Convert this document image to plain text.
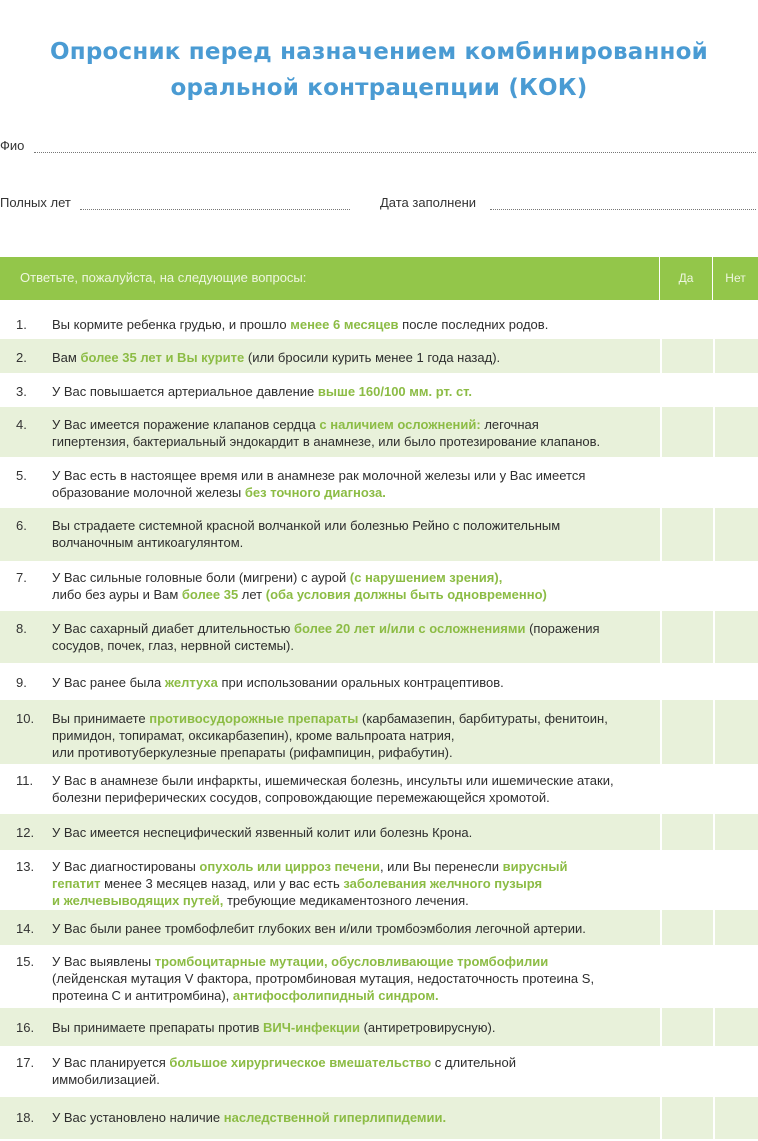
Опросник перед назначением комбинированной
оральной контрацепции (КОК)
Фио
Полных лет	Дата заполнени
Ответьте, пожалуйста, на следующие вопросы:	Да	Нет
1. Вы кормите ребенка грудью, и прошло менее 6 месяцев после последних родов.
2. Вам более 35 лет и Вы курите (или бросили курить менее 1 года назад).
3. У Вас повышается артериальное давление выше 160/100 мм. рт. ст.
4. У Вас имеется поражение клапанов сердца с наличием осложнений: легочная
гипертензия, бактериальный эндокардит в анамнезе, или было протезирование клапанов.
5. У Вас есть в настоящее время или в анамнезе рак молочной железы или у Вас имеется
образование молочной железы без точного диагноза.
6. Вы страдаете системной красной волчанкой или болезнью Рейно с положительным
волчаночным антикоагулянтом.
7. У Вас сильные головные боли (мигрени) с аурой (с нарушением зрения),
либо без ауры и Вам более 35 лет (оба условия должны быть одновременно)
8. У Вас сахарный диабет длительностью более 20 лет и/или с осложнениями (поражения
сосудов, почек, глаз, нервной системы).
9. У Вас ранее была желтуха при использовании оральных контрацептивов.
10. Вы принимаете противосудорожные препараты (карбамазепин, барбитураты, фенитоин,
примидон, топирамат, оксикарбазепин), кроме вальпроата натрия,
или противотуберкулезные препараты (рифампицин, рифабутин).
11. У Вас в анамнезе были инфаркты, ишемическая болезнь, инсульты или ишемические атаки,
болезни периферических сосудов, сопровождающие перемежающейся хромотой.
12. У Вас имеется неспецифический язвенный колит или болезнь Крона.
13. У Вас диагностированы опухоль или цирроз печени, или Вы перенесли вирусный
гепатит менее 3 месяцев назад, или у вас есть заболевания желчного пузыря
и желчевыводящих путей, требующие медикаментозного лечения.
14. У Вас были ранее тромбофлебит глубоких вен и/или тромбоэмболия легочной артерии.
15. У Вас выявлены тромбоцитарные мутации, обусловливающие тромбофилии
(лейденская мутация V фактора, протромбиновая мутация, недостаточность протеина S,
протеина С и антитромбина), антифосфолипидный синдром.
16. Вы принимаете препараты против ВИЧ-инфекции (антиретровирусную).
17. У Вас планируется большое хирургическое вмешательство с длительной
иммобилизацией.
18. У Вас установлено наличие наследственной гиперлипидемии.
